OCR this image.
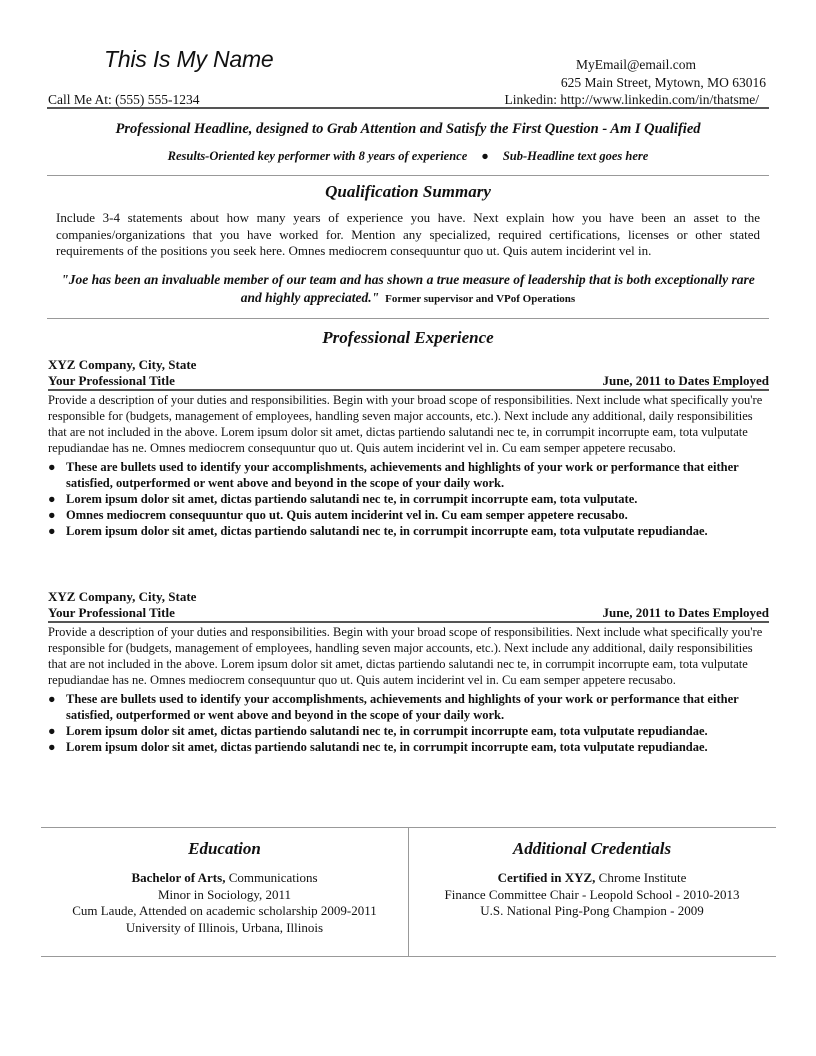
This Is My Name	MyEmail@email.com
625 Main Street, Mytown, MO 63016
Call Me At: (555) 555-1234	Linkedin: http://www.linkedin.com/in/thatsme/
Professional Headline, designed to Grab Attention and Satisfy the First Question - Am I Qualified
Results-Oriented key performer with 8 years of experience ● Sub-Headline text goes here
Qualification Summary
Include 3-4 statements about how many years of experience you have. Next explain how you have been an asset to the companies/organizations that you have worked for. Mention any specialized, required certifications, licenses or other stated requirements of the positions you seek here. Omnes mediocrem consequuntur quo ut. Quis autem inciderint vel in.
"Joe has been an invaluable member of our team and has shown a true measure of leadership that is both exceptionally rare and highly appreciated." Former supervisor and VPof Operations
Professional Experience
XYZ Company, City, State
Your Professional Title	June, 2011 to Dates Employed
Provide a description of your duties and responsibilities. Begin with your broad scope of responsibilities. Next include what specifically you're responsible for (budgets, management of employees, handling seven major accounts, etc.). Next include any additional, daily responsibilities that are not included in the above. Lorem ipsum dolor sit amet, dictas partiendo salutandi nec te, in corrumpit incorrupte eam, tota vulputate repudiandae has ne. Omnes mediocrem consequuntur quo ut. Quis autem inciderint vel in. Cu eam semper appetere recusabo.
● These are bullets used to identify your accomplishments, achievements and highlights of your work or performance that either satisfied, outperformed or went above and beyond in the scope of your daily work.
● Lorem ipsum dolor sit amet, dictas partiendo salutandi nec te, in corrumpit incorrupte eam, tota vulputate.
● Omnes mediocrem consequuntur quo ut. Quis autem inciderint vel in. Cu eam semper appetere recusabo.
● Lorem ipsum dolor sit amet, dictas partiendo salutandi nec te, in corrumpit incorrupte eam, tota vulputate repudiandae.
XYZ Company, City, State
Your Professional Title	June, 2011 to Dates Employed
Provide a description of your duties and responsibilities. Begin with your broad scope of responsibilities. Next include what specifically you're responsible for (budgets, management of employees, handling seven major accounts, etc.). Next include any additional, daily responsibilities that are not included in the above. Lorem ipsum dolor sit amet, dictas partiendo salutandi nec te, in corrumpit incorrupte eam, tota vulputate repudiandae has ne. Omnes mediocrem consequuntur quo ut. Quis autem inciderint vel in. Cu eam semper appetere recusabo.
● These are bullets used to identify your accomplishments, achievements and highlights of your work or performance that either satisfied, outperformed or went above and beyond in the scope of your daily work.
● Lorem ipsum dolor sit amet, dictas partiendo salutandi nec te, in corrumpit incorrupte eam, tota vulputate repudiandae.
● Lorem ipsum dolor sit amet, dictas partiendo salutandi nec te, in corrumpit incorrupte eam, tota vulputate repudiandae.
Education
Bachelor of Arts, Communications
Minor in Sociology, 2011
Cum Laude, Attended on academic scholarship 2009-2011
University of Illinois, Urbana, Illinois
Additional Credentials
Certified in XYZ, Chrome Institute
Finance Committee Chair - Leopold School - 2010-2013
U.S. National Ping-Pong Champion - 2009
